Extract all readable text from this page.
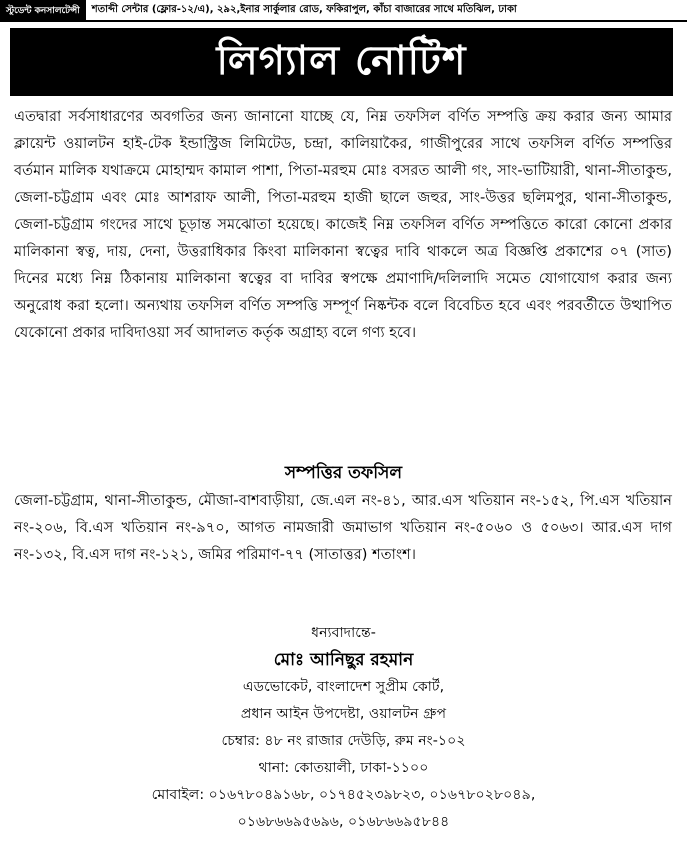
স্টুডেন্ট কনসালটেন্সী	শতাব্দী সেন্টার (ফ্লোর-১২/এ), ২৯২,ইনার সার্কুলার রোড, ফকিরাপুল, কাঁচা বাজারের সাথে মতিঝিল, ঢাকা
লিগ্যাল নোটিশ
এতদ্বারা সর্বসাধারণের অবগতির জন্য জানানো যাচ্ছে যে, নিম্ন তফসিল বর্ণিত সম্পত্তি ক্রয় করার জন্য আমার ক্লায়েন্ট ওয়ালটন হাই-টেক ইন্ডাস্ট্রিজ লিমিটেড, চন্দ্রা, কালিয়াকৈর, গাজীপুরের সাথে তফসিল বর্ণিত সম্পত্তির বর্তমান মালিক যথাক্রমে মোহাম্মদ কামাল পাশা, পিতা-মরহুম মোঃ বসরত আলী গং, সাং-ভাটিয়ারী, থানা-সীতাকুন্ড, জেলা-চট্টগ্রাম এবং মোঃ আশরাফ আলী, পিতা-মরহুম হাজী ছালে জহুর, সাং-উত্তর ছলিমপুর, থানা-সীতাকুন্ড, জেলা-চট্টগ্রাম গংদের সাথে চূড়ান্ত সমঝোতা হয়েছে। কাজেই নিম্ন তফসিল বর্ণিত সম্পত্তিতে কারো কোনো প্রকার মালিকানা স্বত্ব, দায়, দেনা, উত্তরাধিকার কিংবা মালিকানা স্বত্বের দাবি থাকলে অত্র বিজ্ঞপ্তি প্রকাশের ০৭ (সাত) দিনের মধ্যে নিম্ন ঠিকানায় মালিকানা স্বত্বের বা দাবির স্বপক্ষে প্রমাণাদি/দলিলাদি সমেত যোগাযোগ করার জন্য অনুরোধ করা হলো। অন্যথায় তফসিল বর্ণিত সম্পত্তি সম্পূর্ণ নিষ্কন্টক বলে বিবেচিত হবে এবং পরবর্তীতে উত্থাপিত যেকোনো প্রকার দাবিদাওয়া সর্ব আদালত কর্তৃক অগ্রাহ্য বলে গণ্য হবে।
সম্পত্তির তফসিল
জেলা-চট্টগ্রাম, থানা-সীতাকুন্ড, মৌজা-বাশবাড়ীয়া, জে.এল নং-৪১, আর.এস খতিয়ান নং-১৫২, পি.এস খতিয়ান নং-২০৬, বি.এস খতিয়ান নং-৯৭০, আগত নামজারী জমাভাগ খতিয়ান নং-৫০৬০ ও ৫০৬৩। আর.এস দাগ নং-১৩২, বি.এস দাগ নং-১২১, জমির পরিমাণ-৭৭ (সাতাত্তর) শতাংশ।
ধন্যবাদান্তে-
মোঃ আনিছুর রহমান
এডভোকেট, বাংলাদেশ সুপ্রীম কোর্ট,
প্রধান আইন উপদেষ্টা, ওয়ালটন গ্রুপ
চেম্বার: ৪৮ নং রাজার দেউড়ি, রুম নং-১০২
থানা: কোতয়ালী, ঢাকা-১১০০
মোবাইল: ০১৬৭৮০৪৯১৬৮, ০১৭৪৫২৩৯৮২৩, ০১৬৭৮০২৮০৪৯,
০১৬৮৬৬৯৫৬৯৬, ০১৬৮৬৬৯৫৮৪৪
